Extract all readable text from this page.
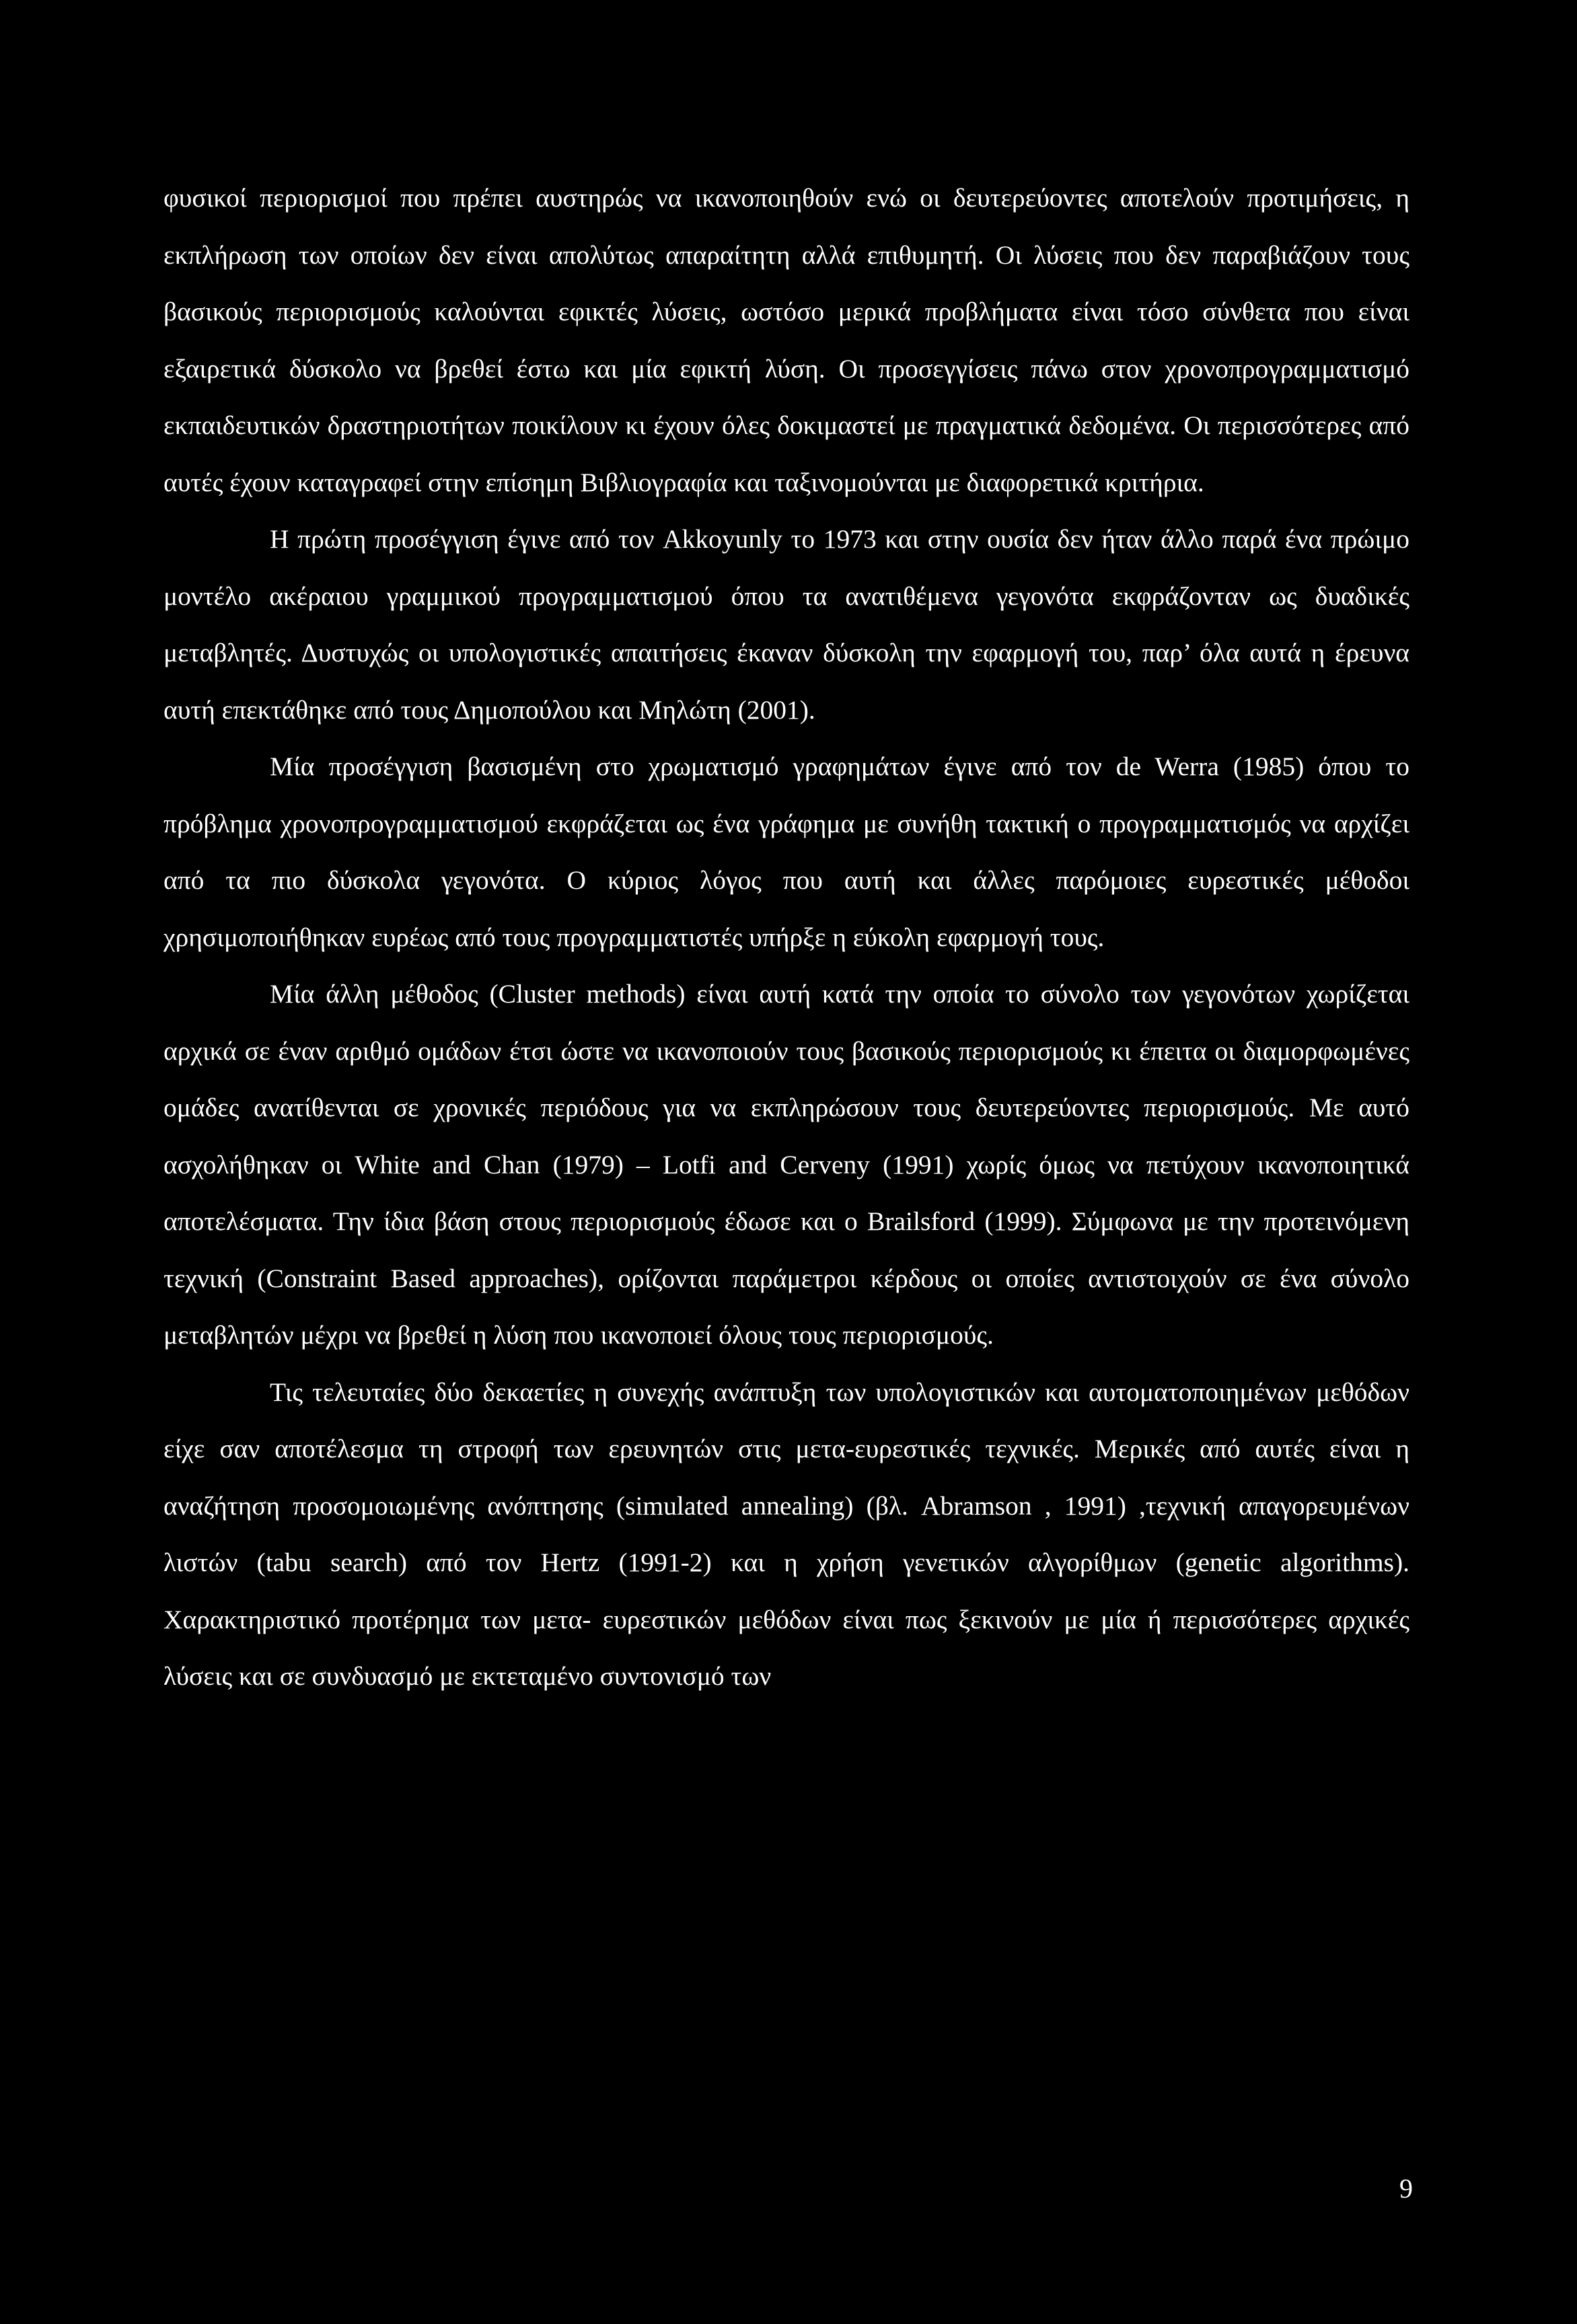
φυσικοί περιορισμοί που πρέπει αυστηρώς να ικανοποιηθούν ενώ οι δευτερεύοντες αποτελούν προτιμήσεις, η εκπλήρωση των οποίων δεν είναι απολύτως απαραίτητη αλλά επιθυμητή. Οι λύσεις που δεν παραβιάζουν τους βασικούς περιορισμούς καλούνται εφικτές λύσεις, ωστόσο μερικά προβλήματα είναι τόσο σύνθετα που είναι εξαιρετικά δύσκολο να βρεθεί έστω και μία εφικτή λύση. Οι προσεγγίσεις πάνω στον χρονοπρογραμματισμό εκπαιδευτικών δραστηριοτήτων ποικίλουν κι έχουν όλες δοκιμαστεί με πραγματικά δεδομένα. Οι περισσότερες από αυτές έχουν καταγραφεί στην επίσημη Βιβλιογραφία και ταξινομούνται με διαφορετικά κριτήρια.

Η πρώτη προσέγγιση έγινε από τον Akkoyunly το 1973 και στην ουσία δεν ήταν άλλο παρά ένα πρώιμο μοντέλο ακέραιου γραμμικού προγραμματισμού όπου τα ανατιθέμενα γεγονότα εκφράζονταν ως δυαδικές μεταβλητές. Δυστυχώς οι υπολογιστικές απαιτήσεις έκαναν δύσκολη την εφαρμογή του, παρ’ όλα αυτά η έρευνα αυτή επεκτάθηκε από τους Δημοπούλου και Μηλώτη (2001).

Μία προσέγγιση βασισμένη στο χρωματισμό γραφημάτων έγινε από τον de Werra (1985) όπου το πρόβλημα χρονοπρογραμματισμού εκφράζεται ως ένα γράφημα με συνήθη τακτική ο προγραμματισμός να αρχίζει από τα πιο δύσκολα γεγονότα. Ο κύριος λόγος που αυτή και άλλες παρόμοιες ευρεστικές μέθοδοι χρησιμοποιήθηκαν ευρέως από τους προγραμματιστές υπήρξε η εύκολη εφαρμογή τους.

Μία άλλη μέθοδος (Cluster methods) είναι αυτή κατά την οποία το σύνολο των γεγονότων χωρίζεται αρχικά σε έναν αριθμό ομάδων έτσι ώστε να ικανοποιούν τους βασικούς περιορισμούς κι έπειτα οι διαμορφωμένες ομάδες ανατίθενται σε χρονικές περιόδους για να εκπληρώσουν τους δευτερεύοντες περιορισμούς. Με αυτό ασχολήθηκαν οι White and Chan (1979) – Lotfi and Cerveny (1991) χωρίς όμως να πετύχουν ικανοποιητικά αποτελέσματα. Την ίδια βάση στους περιορισμούς έδωσε και ο Brailsford (1999). Σύμφωνα με την προτεινόμενη τεχνική (Constraint Based approaches), ορίζονται παράμετροι κέρδους οι οποίες αντιστοιχούν σε ένα σύνολο μεταβλητών μέχρι να βρεθεί η λύση που ικανοποιεί όλους τους περιορισμούς.

Τις τελευταίες δύο δεκαετίες η συνεχής ανάπτυξη των υπολογιστικών και αυτοματοποιημένων μεθόδων είχε σαν αποτέλεσμα τη στροφή των ερευνητών στις μετα-ευρεστικές τεχνικές. Μερικές από αυτές είναι η αναζήτηση προσομοιωμένης ανόπτησης (simulated annealing) (βλ. Abramson , 1991) ,τεχνική απαγορευμένων λιστών (tabu search) από τον Hertz (1991-2) και η χρήση γενετικών αλγορίθμων (genetic algorithms). Χαρακτηριστικό προτέρημα των μετα- ευρεστικών μεθόδων είναι πως ξεκινούν με μία ή περισσότερες αρχικές λύσεις και σε συνδυασμό με εκτεταμένο συντονισμό των

9
